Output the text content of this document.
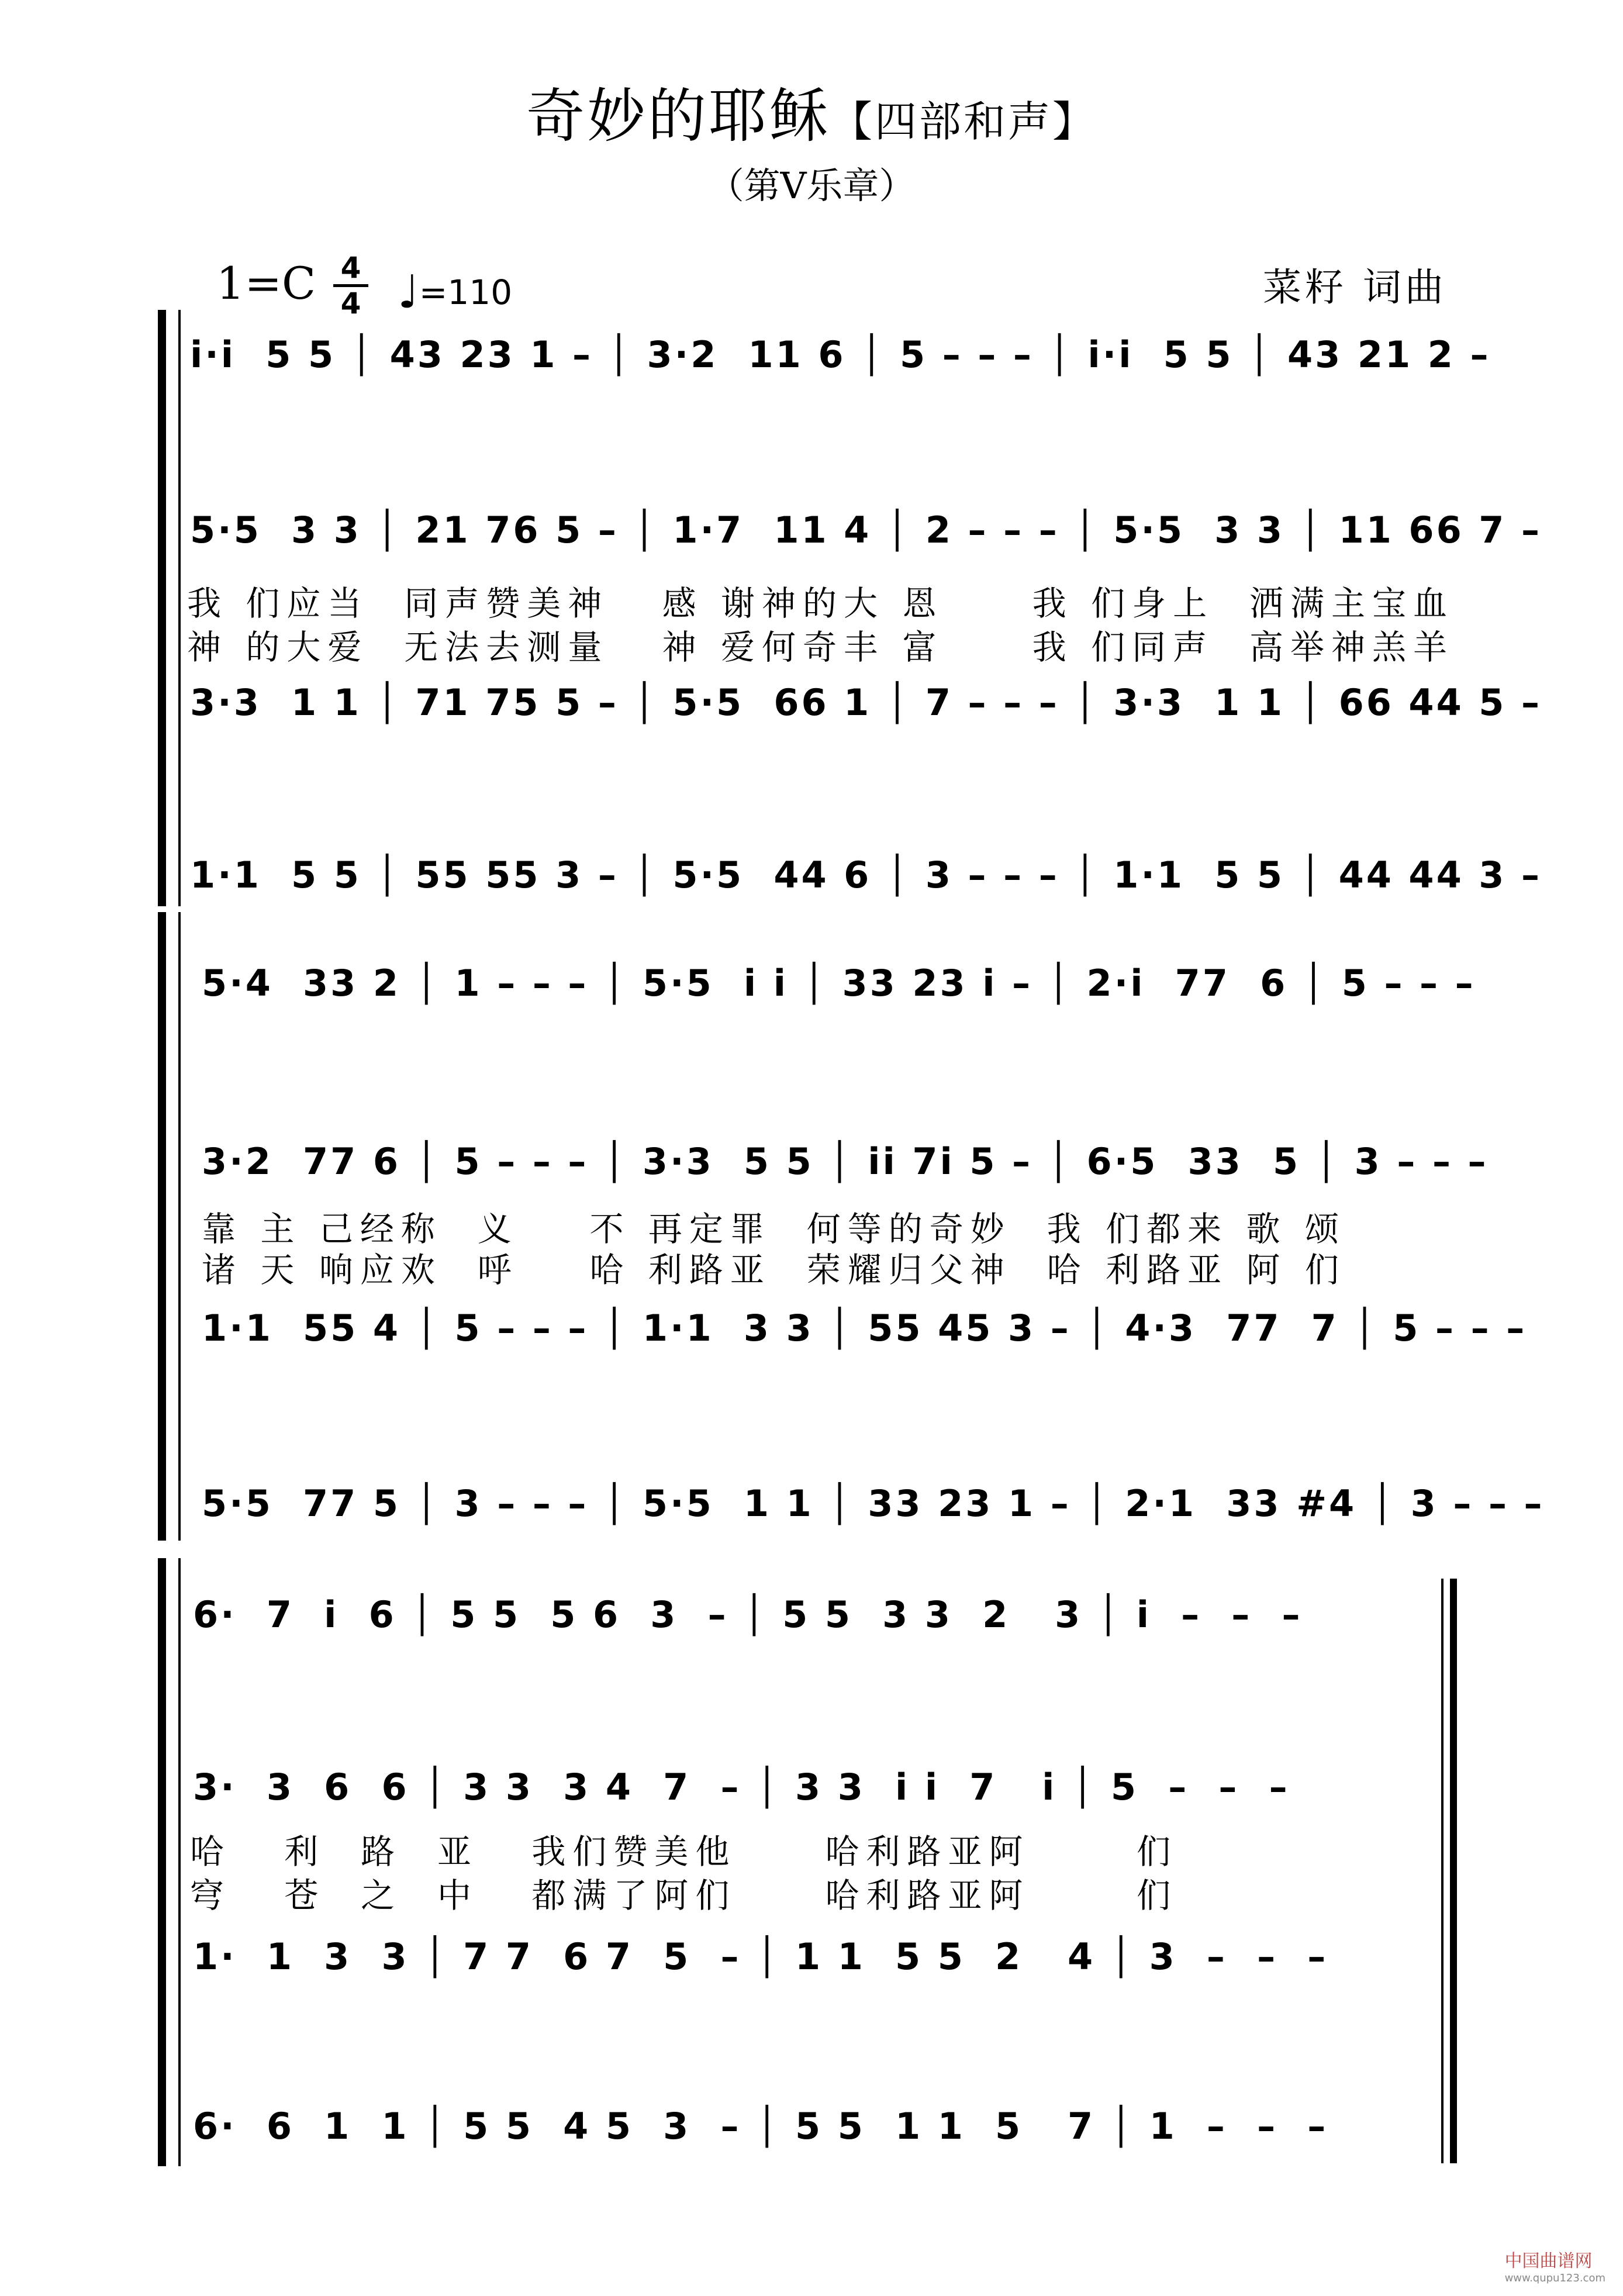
奇妙的耶稣【四部和声】
（第V乐章）
1=C 4
4 ♩=110	菜籽 词曲
i·i  5 5 │ 43 23 1 – │ 3·2  11 6 │ 5 – – – │ i·i  5 5 │ 43 21 2 –
5·5  3 3 │ 21 76 5 – │ 1·7  11 4 │ 2 – – – │ 5·5  3 3 │ 11 66 7 –
我 们应当  同声赞美神   感 谢神的大 恩     我 们身上  洒满主宝血
神 的大爱  无法去测量   神 爱何奇丰 富     我 们同声  高举神羔羊
3·3  1 1 │ 71 75 5 – │ 5·5  66 1 │ 7 – – – │ 3·3  1 1 │ 66 44 5 –
1·1  5 5 │ 55 55 3 – │ 5·5  44 6 │ 3 – – – │ 1·1  5 5 │ 44 44 3 –
5·4  33 2 │ 1 – – – │ 5·5  i i │ 33 23 i – │ 2·i  77  6 │ 5 – – –
3·2  77 6 │ 5 – – – │ 3·3  5 5 │ ii 7i 5 – │ 6·5  33  5 │ 3 – – –
靠 主 己经称  义    不 再定罪  何等的奇妙  我 们都来 歌 颂
诸 天 响应欢  呼    哈 利路亚  荣耀归父神  哈 利路亚 阿 们
1·1  55 4 │ 5 – – – │ 1·1  3 3 │ 55 45 3 – │ 4·3  77  7 │ 5 – – –
5·5  77 5 │ 3 – – – │ 5·5  1 1 │ 33 23 1 – │ 2·1  33 #4 │ 3 – – –
6·  7  i  6 │ 5 5  5 6  3  – │ 5 5  3 3  2   3 │ i  –  –  –
3·  3  6  6 │ 3 3  3 4  7  – │ 3 3  i i  7   i │ 5  –  –  –
哈   利  路  亚   我们赞美他     哈利路亚阿      们
穹   苍  之  中   都满了阿们     哈利路亚阿      们
1·  1  3  3 │ 7 7  6 7  5  – │ 1 1  5 5  2   4 │ 3  –  –  –
6·  6  1  1 │ 5 5  4 5  3  – │ 5 5  1 1  5   7 │ 1  –  –  –
中国曲谱网
www.qupu123.com
